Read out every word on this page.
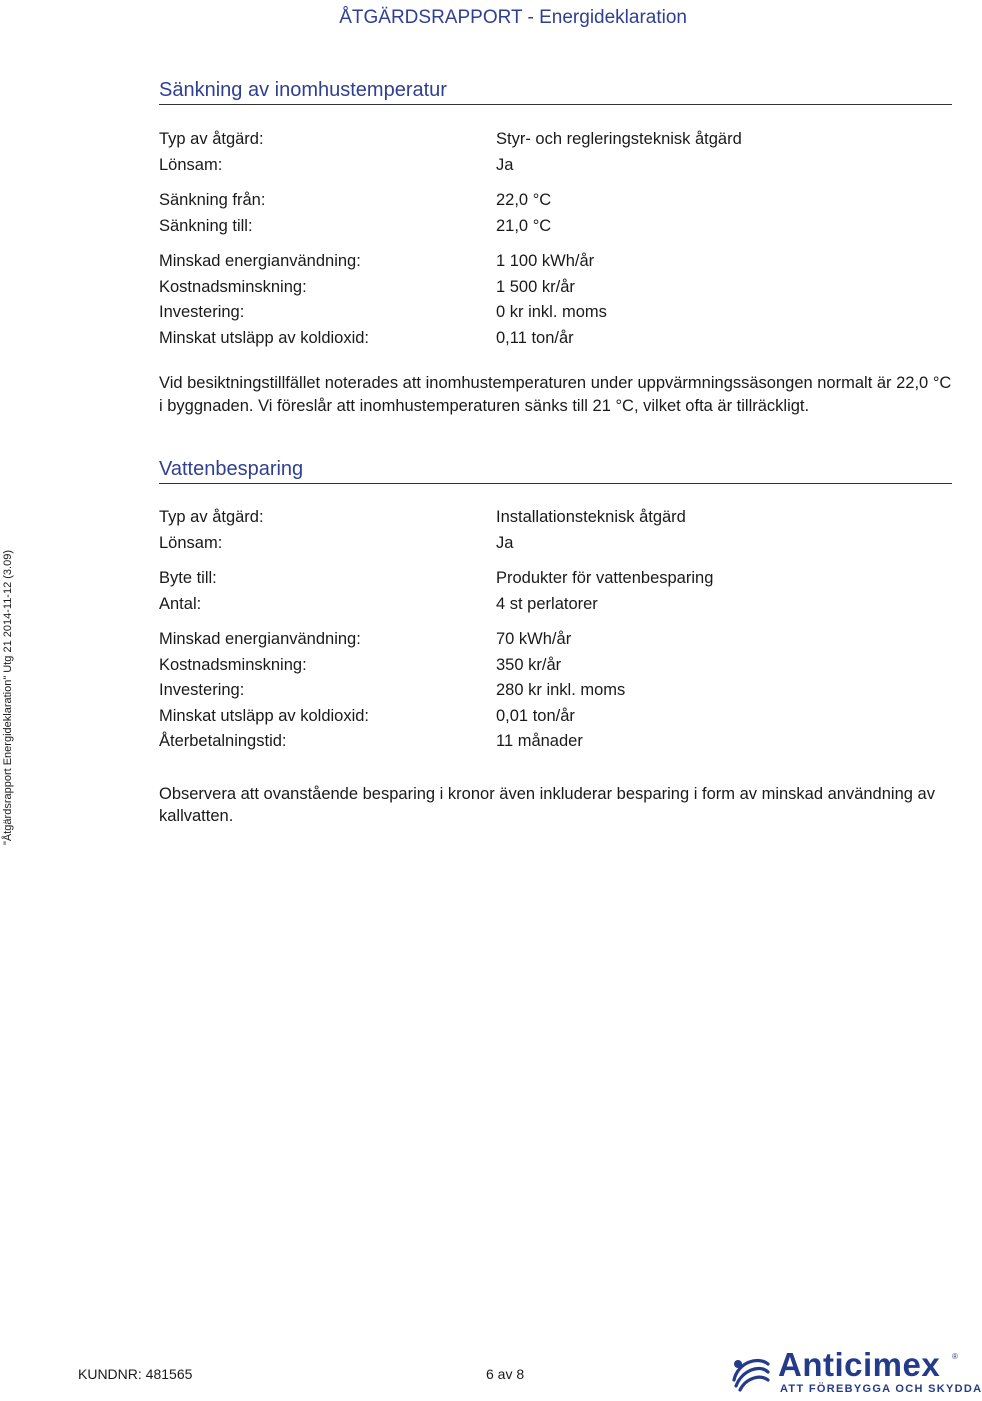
ÅTGÄRDSRAPPORT - Energideklaration
"Åtgärdsrapport Energideklaration" Utg 21 2014-11-12 (3.09)
Sänkning av inomhustemperatur
Typ av åtgärd:	Styr- och regleringsteknisk åtgärd
Lönsam:	Ja
Sänkning från:	22,0 °C
Sänkning till:	21,0 °C
Minskad energianvändning:	1 100 kWh/år
Kostnadsminskning:	1 500 kr/år
Investering:	0 kr inkl. moms
Minskat utsläpp av koldioxid:	0,11 ton/år
Vid besiktningstillfället noterades att inomhustemperaturen under uppvärmningssäsongen normalt är 22,0 °C i byggnaden. Vi föreslår att inomhustemperaturen sänks till 21 °C, vilket ofta är tillräckligt.
Vattenbesparing
Typ av åtgärd:	Installationsteknisk åtgärd
Lönsam:	Ja
Byte till:	Produkter för vattenbesparing
Antal:	4 st perlatorer
Minskad energianvändning:	70 kWh/år
Kostnadsminskning:	350 kr/år
Investering:	280 kr inkl. moms
Minskat utsläpp av koldioxid:	0,01 ton/år
Återbetalningstid:	11 månader
Observera att ovanstående besparing i kronor även inkluderar besparing i form av minskad användning av kallvatten.
KUNDNR: 481565	6 av 8	Anticimex ®
ATT FÖREBYGGA OCH SKYDDA
